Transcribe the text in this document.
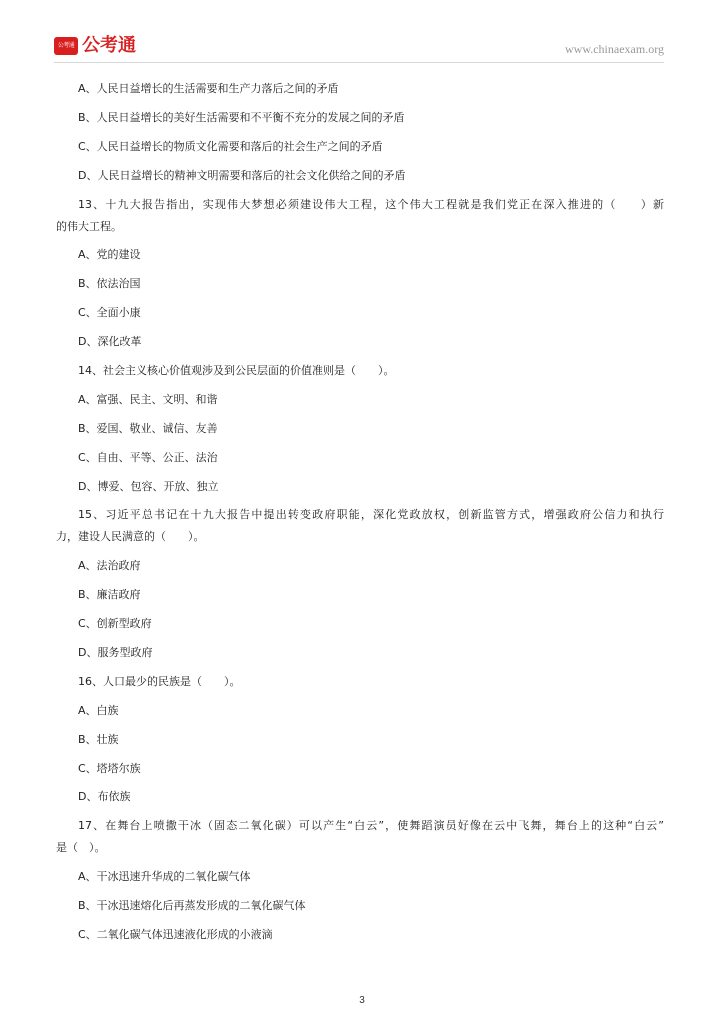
公考通 公考通	www.chinaexam.org

A、人民日益增长的生活需要和生产力落后之间的矛盾

B、人民日益增长的美好生活需要和不平衡不充分的发展之间的矛盾

C、人民日益增长的物质文化需要和落后的社会生产之间的矛盾

D、人民日益增长的精神文明需要和落后的社会文化供给之间的矛盾

13、十九大报告指出，实现伟大梦想必须建设伟大工程，这个伟大工程就是我们党正在深入推进的（　　）新

的伟大工程。

A、党的建设

B、依法治国

C、全面小康

D、深化改革

14、社会主义核心价值观涉及到公民层面的价值准则是（　　）。

A、富强、民主、文明、和谐

B、爱国、敬业、诚信、友善

C、自由、平等、公正、法治

D、博爱、包容、开放、独立

15、习近平总书记在十九大报告中提出转变政府职能，深化党政放权，创新监管方式，增强政府公信力和执行

力，建设人民满意的（　　）。

A、法治政府

B、廉洁政府

C、创新型政府

D、服务型政府

16、人口最少的民族是（　　）。

A、白族

B、壮族

C、塔塔尔族

D、布依族

17、在舞台上喷撒干冰（固态二氧化碳）可以产生“白云”，使舞蹈演员好像在云中飞舞，舞台上的这种“白云”

是（　）。

A、干冰迅速升华成的二氧化碳气体

B、干冰迅速熔化后再蒸发形成的二氧化碳气体

C、二氧化碳气体迅速液化形成的小液滴

3
